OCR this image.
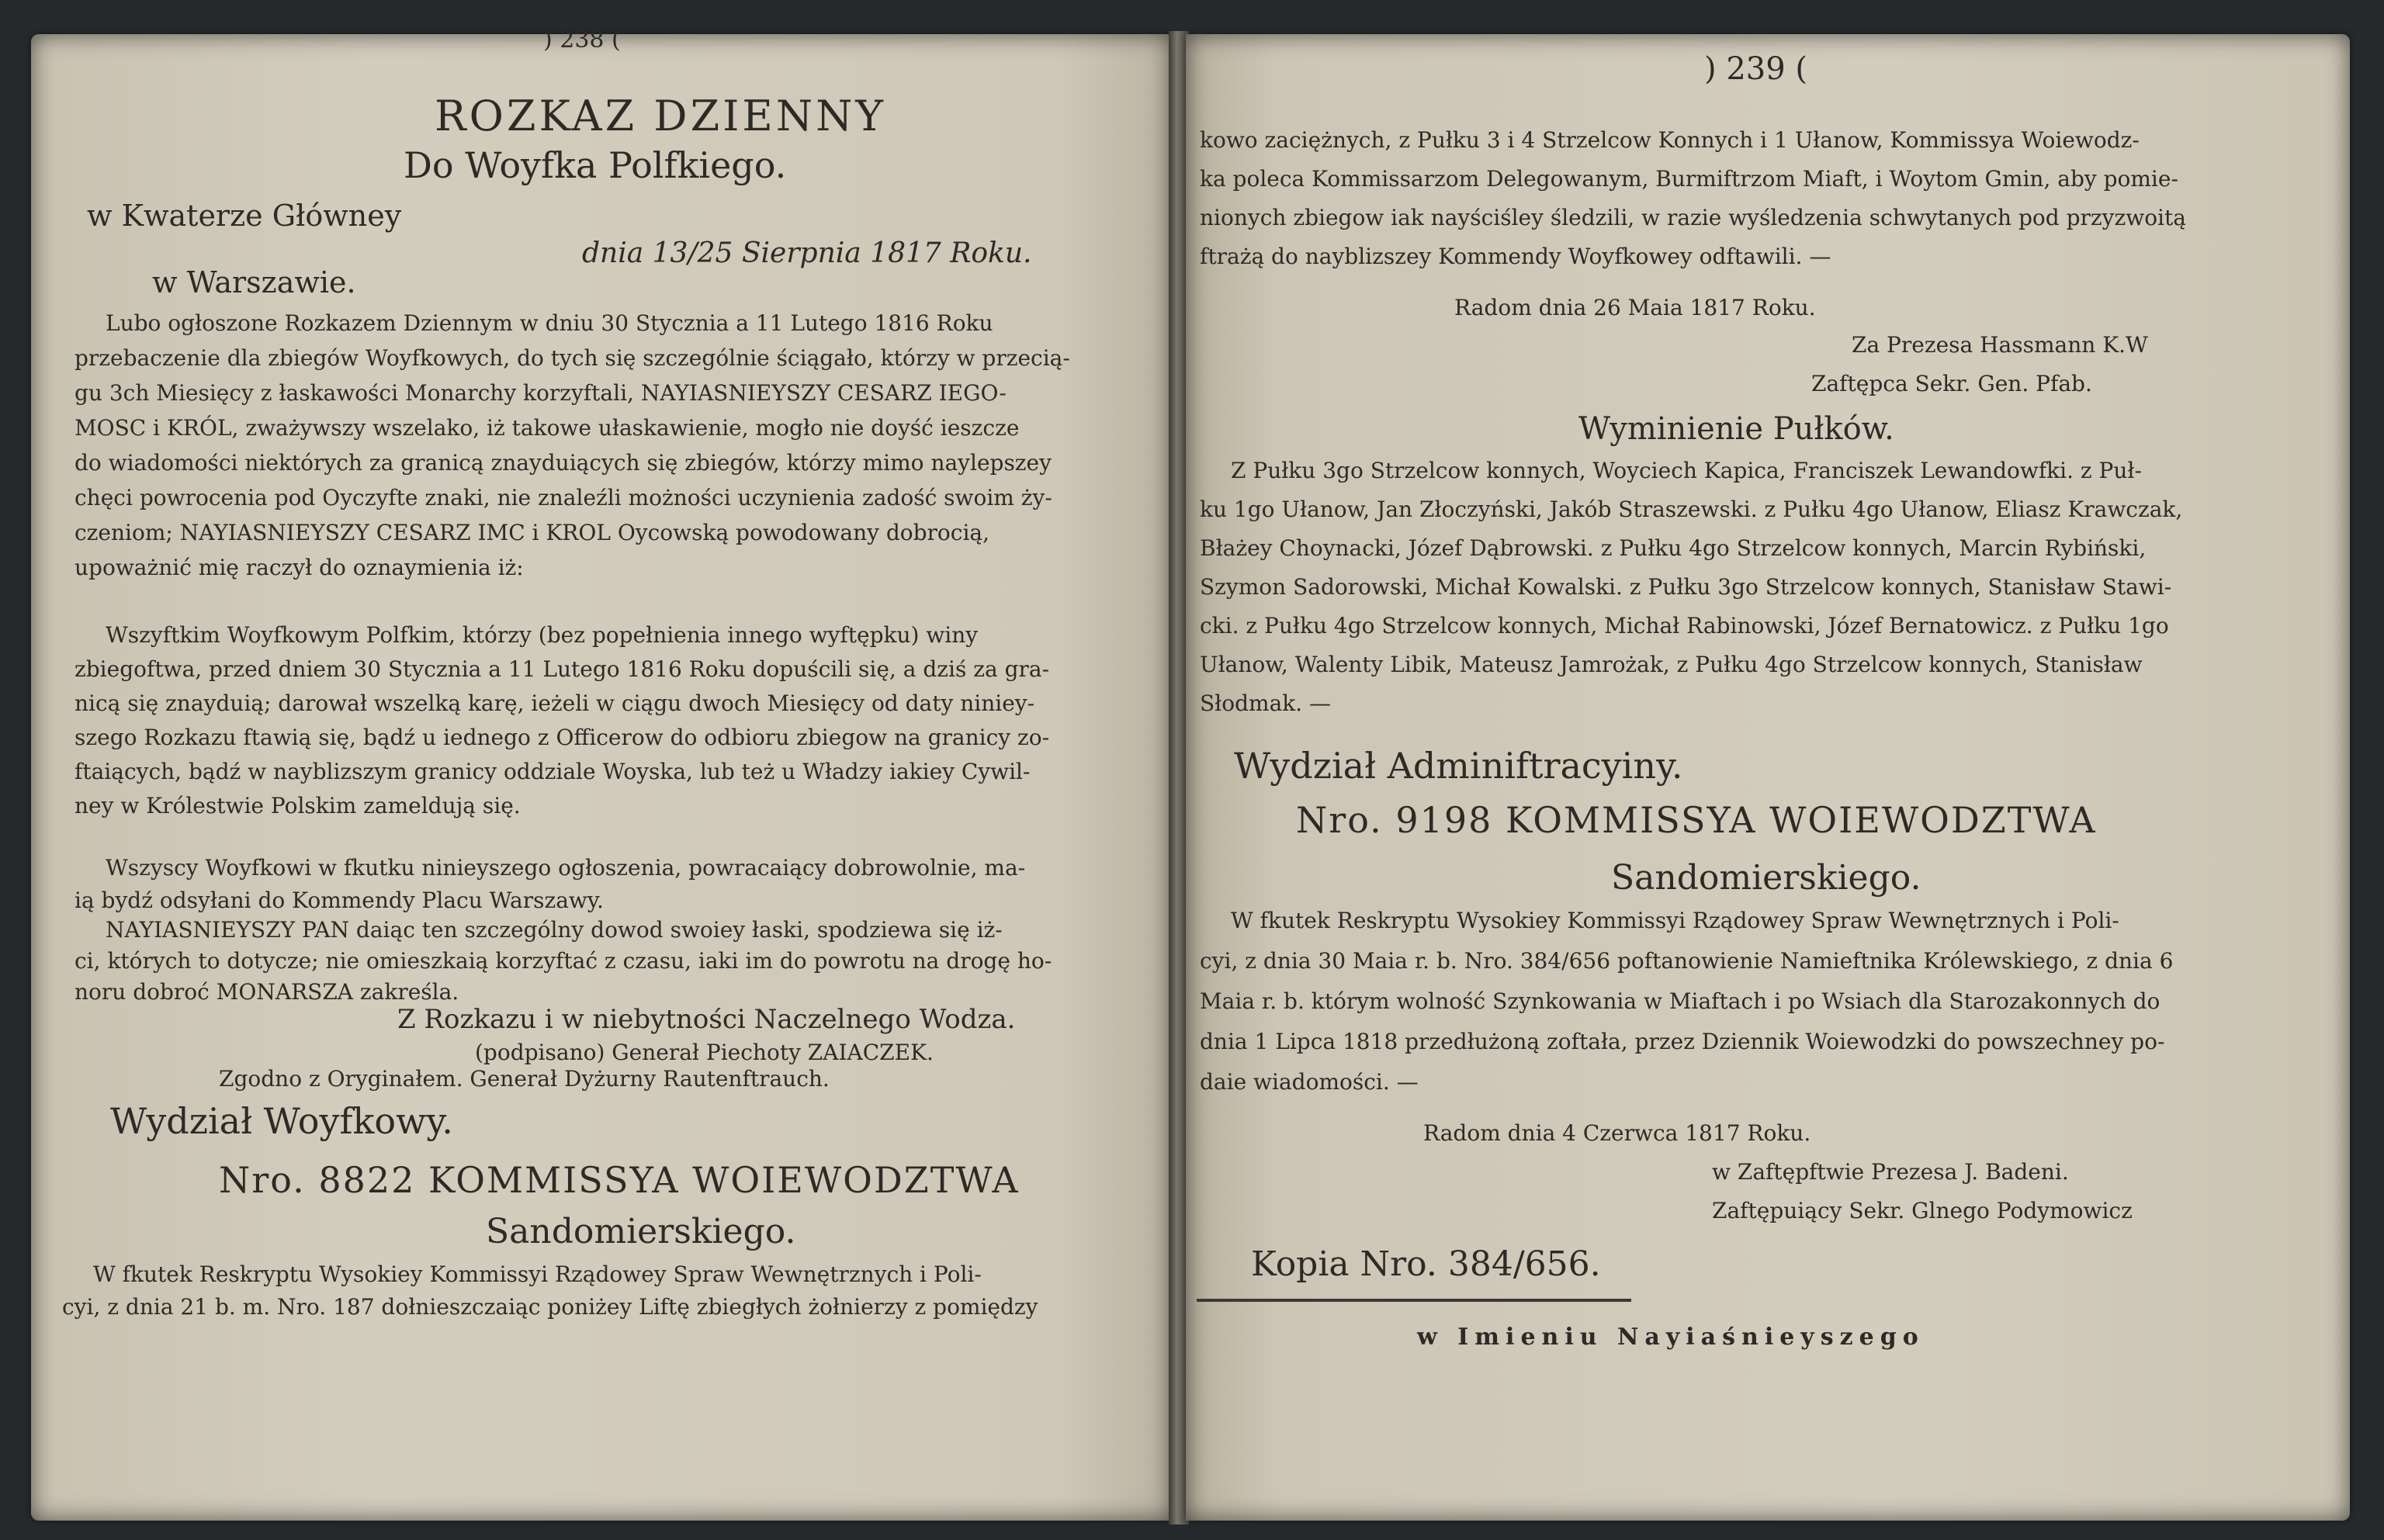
) 238 (
ROZKAZ DZIENNY
Do Woyfka Polfkiego.
w Kwaterze Główney
dnia 13/25 Sierpnia 1817 Roku.
w Warszawie.
Lubo ogłoszone Rozkazem Dziennym w dniu 30 Stycznia a 11 Lutego 1816 Roku
przebaczenie dla zbiegów Woyfkowych, do tych się szczególnie ściągało, którzy w przecią-
gu 3ch Miesięcy z łaskawości Monarchy korzyftali, NAYIASNIEYSZY CESARZ IEGO-
MOSC i KRÓL, zważywszy wszelako, iż takowe ułaskawienie, mogło nie doyść ieszcze
do wiadomości niektórych za granicą znayduiących się zbiegów, którzy mimo naylepszey
chęci powrocenia pod Oyczyfte znaki, nie znaleźli możności uczynienia zadość swoim ży-
czeniom; NAYIASNIEYSZY CESARZ IMC i KROL Oycowską powodowany dobrocią,
upoważnić mię raczył do oznaymienia iż:
Wszyftkim Woyfkowym Polfkim, którzy (bez popełnienia innego wyftępku) winy
zbiegoftwa, przed dniem 30 Stycznia a 11 Lutego 1816 Roku dopuścili się, a dziś za gra-
nicą się znayduią; darował wszelką karę, ieżeli w ciągu dwoch Miesięcy od daty niniey-
szego Rozkazu ftawią się, bądź u iednego z Officerow do odbioru zbiegow na granicy zo-
ftaiących, bądź w nayblizszym granicy oddziale Woyska, lub też u Władzy iakiey Cywil-
ney w Królestwie Polskim zameldują się.
Wszyscy Woyfkowi w fkutku ninieyszego ogłoszenia, powracaiący dobrowolnie, ma-
ią bydź odsyłani do Kommendy Placu Warszawy.
NAYIASNIEYSZY PAN daiąc ten szczególny dowod swoiey łaski, spodziewa się iż-
ci, których to dotycze; nie omieszkaią korzyftać z czasu, iaki im do powrotu na drogę ho-
noru dobroć MONARSZA zakreśla.
Z Rozkazu i w niebytności Naczelnego Wodza.
(podpisano) Generał Piechoty ZAIACZEK.
Zgodno z Oryginałem. Generał Dyżurny Rautenftrauch.
Wydział Woyfkowy.
Nro. 8822 KOMMISSYA WOIEWODZTWA
Sandomierskiego.
W fkutek Reskryptu Wysokiey Kommissyi Rządowey Spraw Wewnętrznych i Poli-
cyi, z dnia 21 b. m. Nro. 187 dołnieszczaiąc poniżey Liftę zbiegłych żołnierzy z pomiędzy
) 239 (
kowo zaciężnych, z Pułku 3 i 4 Strzelcow Konnych i 1 Ułanow, Kommissya Woiewodz-
ka poleca Kommissarzom Delegowanym, Burmiftrzom Miaft, i Woytom Gmin, aby pomie-
nionych zbiegow iak nayściśley śledzili, w razie wyśledzenia schwytanych pod przyzwoitą
ftrażą do nayblizszey Kommendy Woyfkowey odftawili. —
Radom dnia 26 Maia 1817 Roku.
Za Prezesa Hassmann K.W
Zaftępca Sekr. Gen. Pfab.
Wyminienie Pułków.
Z Pułku 3go Strzelcow konnych, Woyciech Kapica, Franciszek Lewandowfki. z Puł-
ku 1go Ułanow, Jan Złoczyński, Jakób Straszewski. z Pułku 4go Ułanow, Eliasz Krawczak,
Błażey Choynacki, Józef Dąbrowski. z Pułku 4go Strzelcow konnych, Marcin Rybiński,
Szymon Sadorowski, Michał Kowalski. z Pułku 3go Strzelcow konnych, Stanisław Stawi-
cki. z Pułku 4go Strzelcow konnych, Michał Rabinowski, Józef Bernatowicz. z Pułku 1go
Ułanow, Walenty Libik, Mateusz Jamrożak, z Pułku 4go Strzelcow konnych, Stanisław
Słodmak. —
Wydział Adminiftracyiny.
Nro. 9198 KOMMISSYA WOIEWODZTWA
Sandomierskiego.
W fkutek Reskryptu Wysokiey Kommissyi Rządowey Spraw Wewnętrznych i Poli-
cyi, z dnia 30 Maia r. b. Nro. 384/656 poftanowienie Namieftnika Królewskiego, z dnia 6
Maia r. b. którym wolność Szynkowania w Miaftach i po Wsiach dla Starozakonnych do
dnia 1 Lipca 1818 przedłużoną zoftała, przez Dziennik Woiewodzki do powszechney po-
daie wiadomości. —
Radom dnia 4 Czerwca 1817 Roku.
w Zaftępftwie Prezesa J. Badeni.
Zaftępuiący Sekr. Glnego Podymowicz
Kopia Nro. 384/656.
w Imieniu Nayiaśnieyszego
